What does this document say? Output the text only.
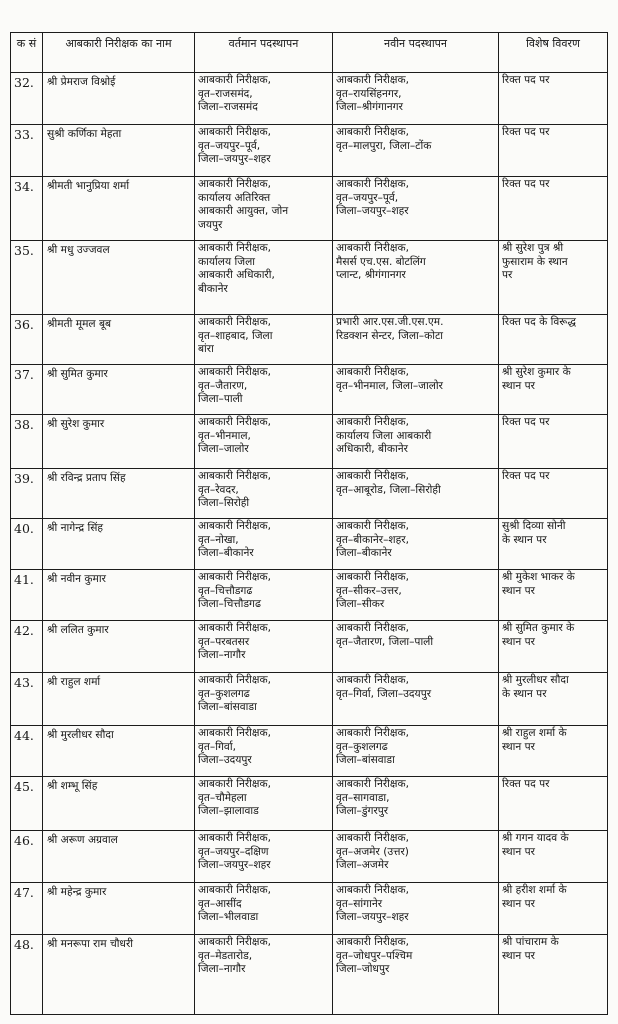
क सं	आबकारी निरीक्षक का नाम	वर्तमान पदस्थापन	नवीन पदस्थापन	विशेष विवरण
32.	श्री प्रेमराज विश्नोई	आबकारी निरीक्षक,
वृत–राजसमंद,
जिला–राजसमंद	आबकारी निरीक्षक,
वृत–रायसिंहनगर,
जिला–श्रीगंगानगर	रिक्त पद पर

33.	सुश्री कर्णिका मेहता	आबकारी निरीक्षक,
वृत–जयपुर–पूर्व,
जिला–जयपुर–शहर	आबकारी निरीक्षक,
वृत–मालपुरा, जिला–टोंक	रिक्त पद पर

34.	श्रीमती भानुप्रिया शर्मा	आबकारी निरीक्षक,
कार्यालय अतिरिक्त
आबकारी आयुक्त, जोन
जयपुर	आबकारी निरीक्षक,
वृत–जयपुर–पूर्व,
जिला–जयपुर–शहर	रिक्त पद पर

35.	श्री मधु उज्जवल	आबकारी निरीक्षक,
कार्यालय जिला
आबकारी अधिकारी,
बीकानेर	आबकारी निरीक्षक,
मैसर्स एच.एस. बोटलिंग
प्लान्ट, श्रीगंगानगर	श्री सुरेश पुत्र श्री
फुसाराम के स्थान
पर

36.	श्रीमती मूमल बूब	आबकारी निरीक्षक,
वृत–शाहबाद, जिला
बांरा	प्रभारी आर.एस.जी.एस.एम.
रिडक्शन सेन्टर, जिला–कोटा	रिक्त पद के विरूद्ध

37.	श्री सुमित कुमार	आबकारी निरीक्षक,
वृत–जैतारण,
जिला–पाली	आबकारी निरीक्षक,
वृत–भीनमाल, जिला–जालोर	श्री सुरेश कुमार के
स्थान पर

38.	श्री सुरेश कुमार	आबकारी निरीक्षक,
वृत–भीनमाल,
जिला–जालोर	आबकारी निरीक्षक,
कार्यालय जिला आबकारी
अधिकारी, बीकानेर	रिक्त पद पर

39.	श्री रविन्द्र प्रताप सिंह	आबकारी निरीक्षक,
वृत–रेवदर,
जिला–सिरोही	आबकारी निरीक्षक,
वृत–आबूरोड, जिला–सिरोही	रिक्त पद पर

40.	श्री नागेन्द्र सिंह	आबकारी निरीक्षक,
वृत–नोखा,
जिला–बीकानेर	आबकारी निरीक्षक,
वृत–बीकानेर–शहर,
जिला–बीकानेर	सुश्री दिव्या सोनी
के स्थान पर

41.	श्री नवीन कुमार	आबकारी निरीक्षक,
वृत–चित्तौडगढ
जिला–चित्तौडगढ	आबकारी निरीक्षक,
वृत–सीकर–उत्तर,
जिला–सीकर	श्री मुकेश भाकर के
स्थान पर

42.	श्री ललित कुमार	आबकारी निरीक्षक,
वृत–परबतसर
जिला–नागौर	आबकारी निरीक्षक,
वृत–जैतारण, जिला–पाली	श्री सुमित कुमार के
स्थान पर

43.	श्री राहुल शर्मा	आबकारी निरीक्षक,
वृत–कुशलगढ
जिला–बांसवाडा	आबकारी निरीक्षक,
वृत–गिर्वा, जिला–उदयपुर	श्री मुरलीधर सौदा
के स्थान पर

44.	श्री मुरलीधर सौदा	आबकारी निरीक्षक,
वृत–गिर्वा,
जिला–उदयपुर	आबकारी निरीक्षक,
वृत–कुशलगढ
जिला–बांसवाडा	श्री राहुल शर्मा के
स्थान पर

45.	श्री शम्भू सिंह	आबकारी निरीक्षक,
वृत–चौमेहला
जिला–झालावाड	आबकारी निरीक्षक,
वृत–सागवाडा,
जिला–डुंगरपुर	रिक्त पद पर

46.	श्री अरूण अग्रवाल	आबकारी निरीक्षक,
वृत–जयपुर–दक्षिण
जिला–जयपुर–शहर	आबकारी निरीक्षक,
वृत–अजमेर (उत्तर)
जिला–अजमेर	श्री गगन यादव के
स्थान पर

47.	श्री महेन्द्र कुमार	आबकारी निरीक्षक,
वृत–आसींद
जिला–भीलवाडा	आबकारी निरीक्षक,
वृत–सांगानेर
जिला–जयपुर–शहर	श्री हरीश शर्मा के
स्थान पर

48.	श्री मनरूपा राम चौधरी	आबकारी निरीक्षक,
वृत–मेडतारोड,
जिला–नागौर	आबकारी निरीक्षक,
वृत–जोधपुर–पश्चिम
जिला–जोधपुर	श्री पांचाराम के
स्थान पर
